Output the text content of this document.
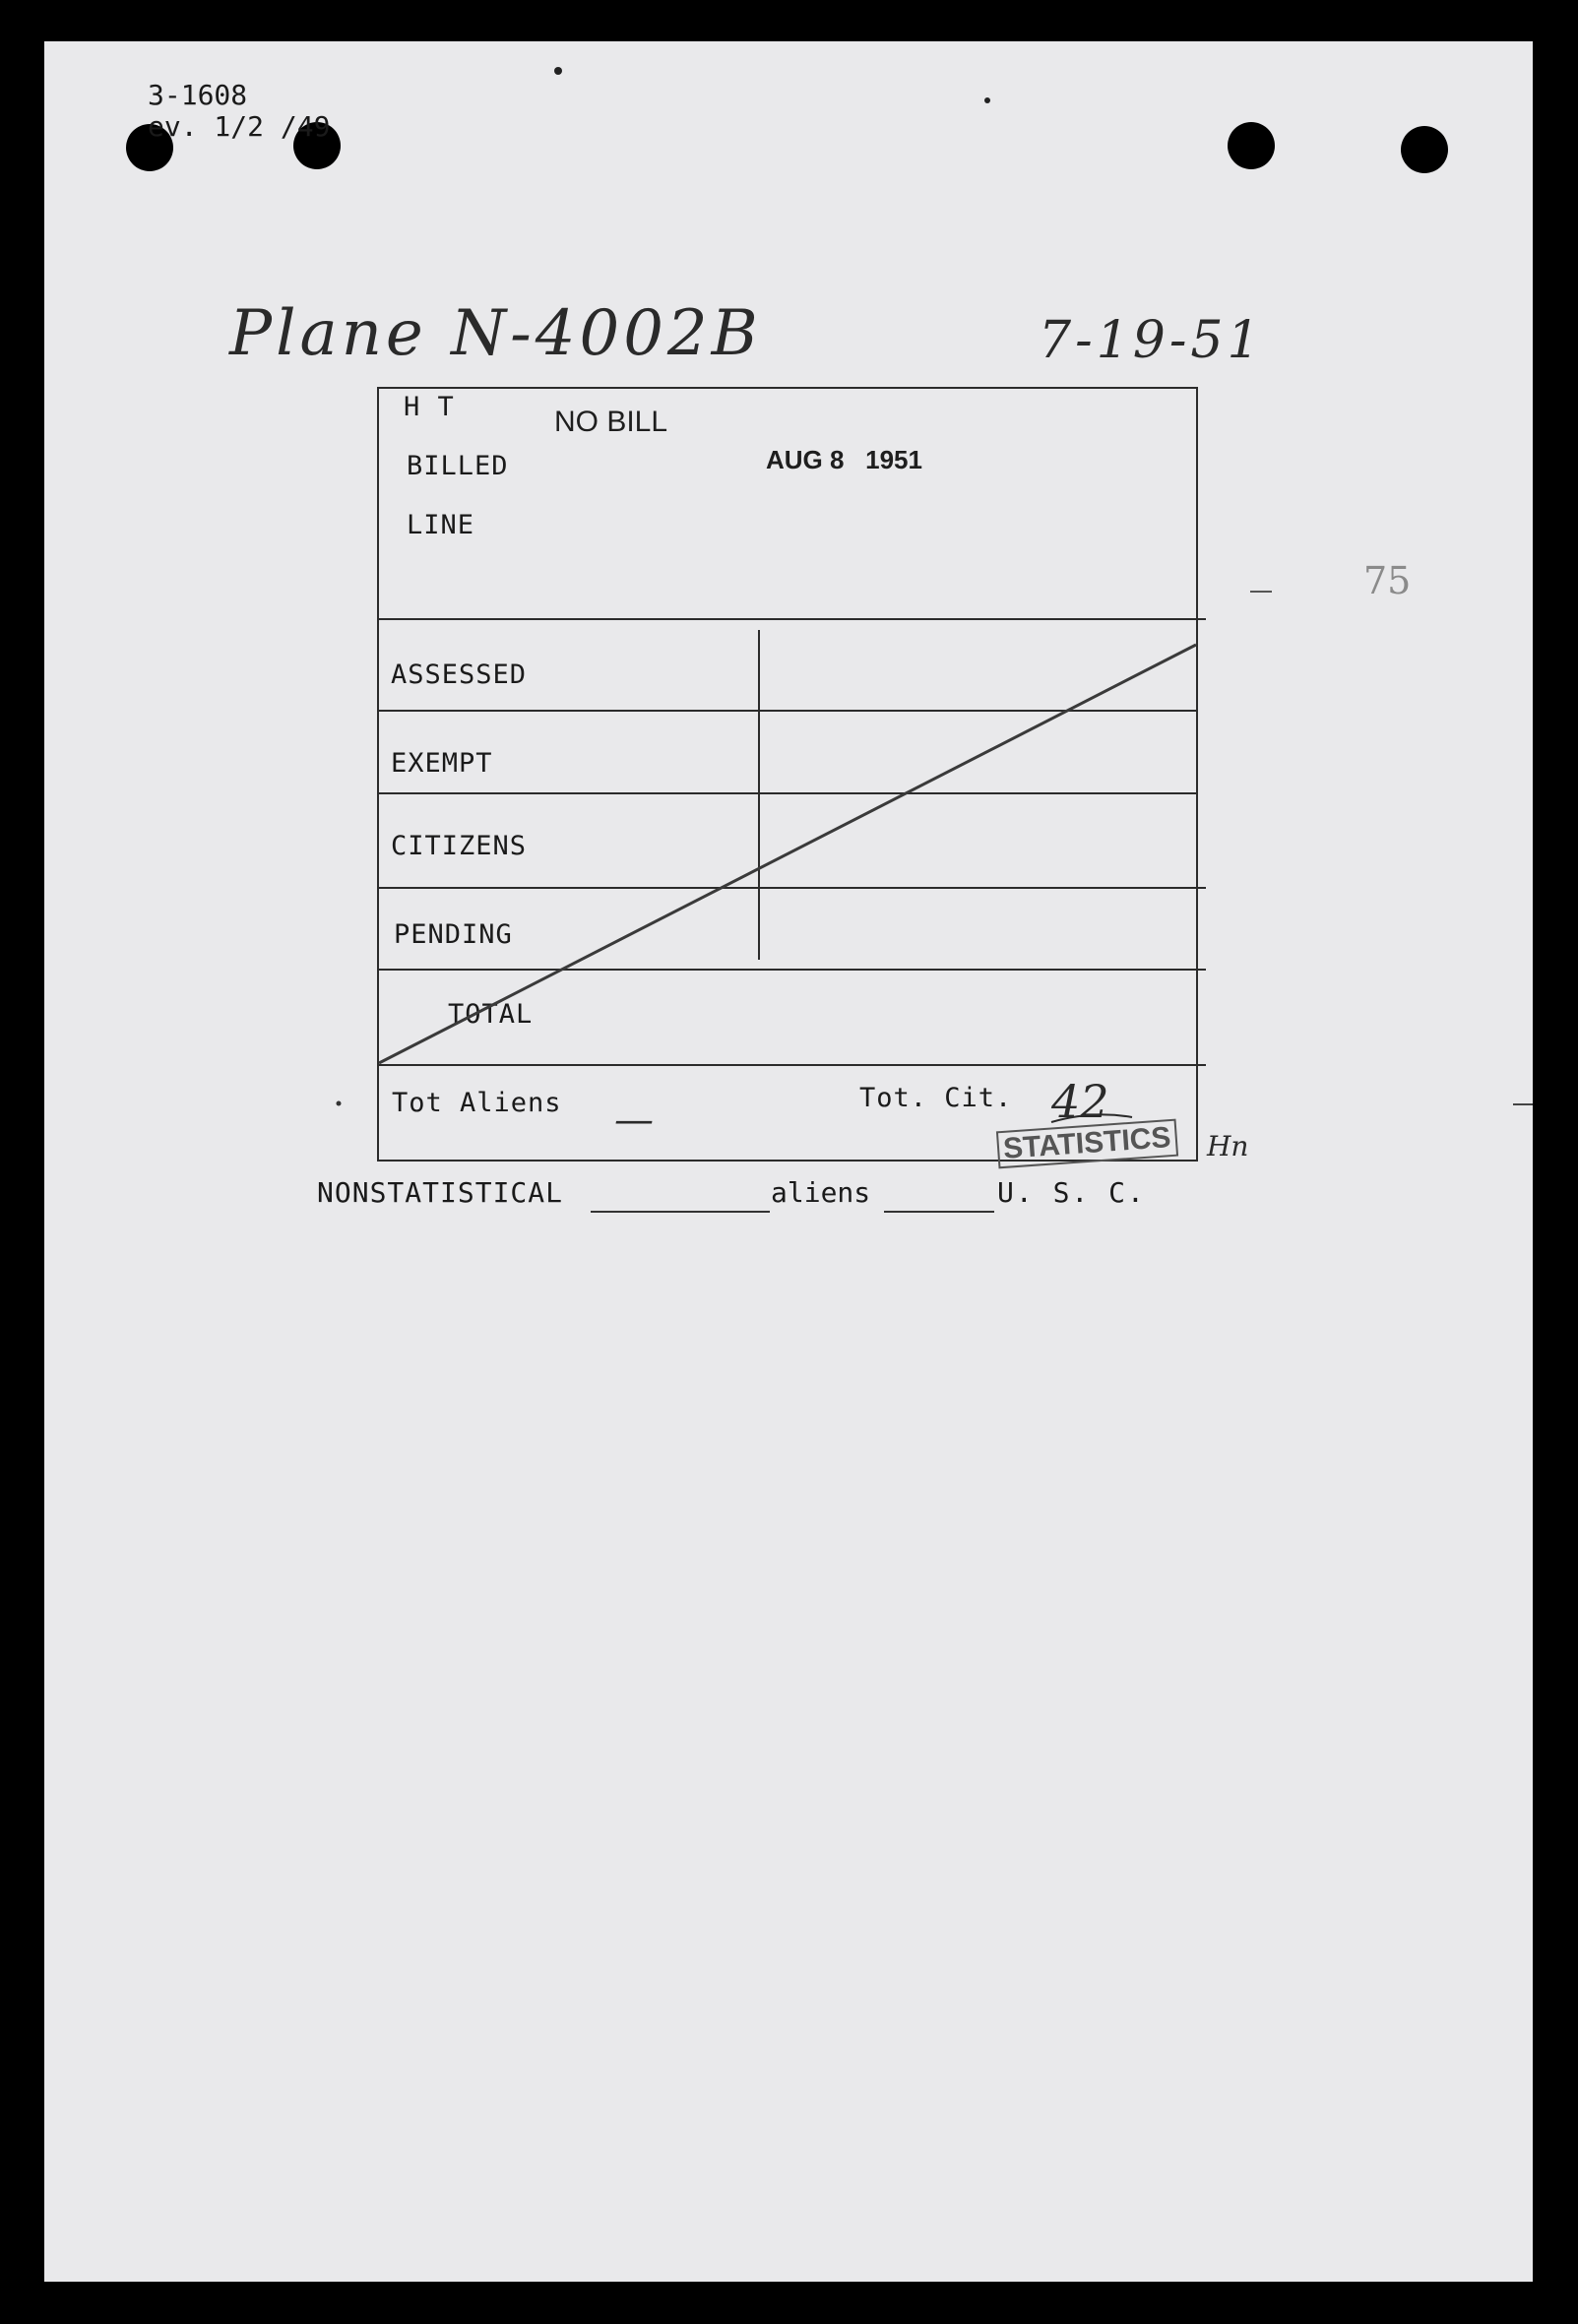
3-1608
ev. 1/2 /49
Plane N-4002B	7-19-51
75
H T
BILLED
LINE
NO BILL
AUG 8   1951
ASSESSED
EXEMPT
CITIZENS
PENDING
TOTAL
Tot Aliens —	Tot. Cit. 42
STATISTICS Hn
NONSTATISTICAL	aliens	U. S. C.
